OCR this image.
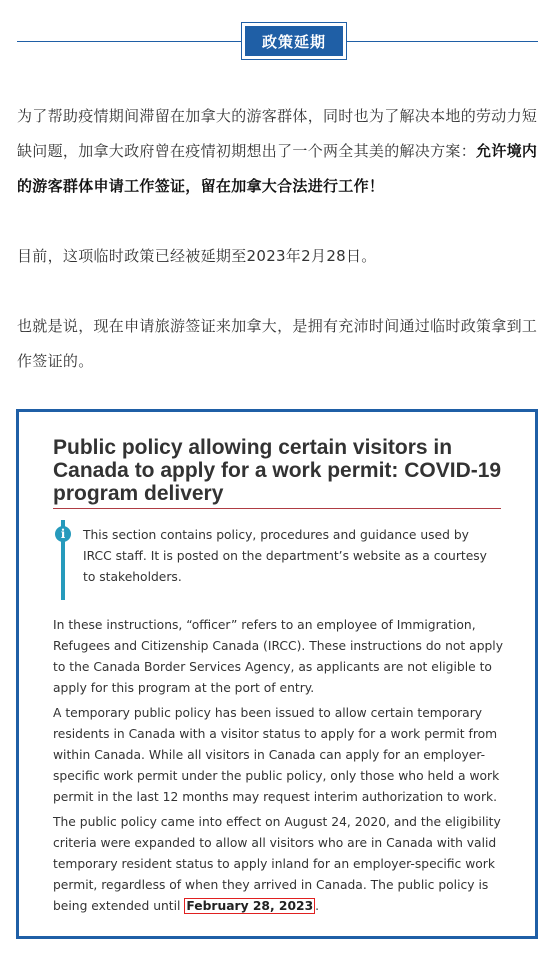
政策延期

为了帮助疫情期间滞留在加拿大的游客群体，同时也为了解决本地的劳动力短缺问题，加拿大政府曾在疫情初期想出了一个两全其美的解决方案：允许境内的游客群体申请工作签证，留在加拿大合法进行工作！

目前，这项临时政策已经被延期至2023年2月28日。

也就是说，现在申请旅游签证来加拿大，是拥有充沛时间通过临时政策拿到工作签证的。

Public policy allowing certain visitors in Canada to apply for a work permit: COVID-19 program delivery
i	This section contains policy, procedures and guidance used by IRCC staff. It is posted on the department’s website as a courtesy to stakeholders.

In these instructions, “officer” refers to an employee of Immigration, Refugees and Citizenship Canada (IRCC). These instructions do not apply to the Canada Border Services Agency, as applicants are not eligible to apply for this program at the port of entry.

A temporary public policy has been issued to allow certain temporary residents in Canada with a visitor status to apply for a work permit from within Canada. While all visitors in Canada can apply for an employer-specific work permit under the public policy, only those who held a work permit in the last 12 months may request interim authorization to work.

The public policy came into effect on August 24, 2020, and the eligibility criteria were expanded to allow all visitors who are in Canada with valid temporary resident status to apply inland for an employer-specific work permit, regardless of when they arrived in Canada. The public policy is being extended until February 28, 2023 .
